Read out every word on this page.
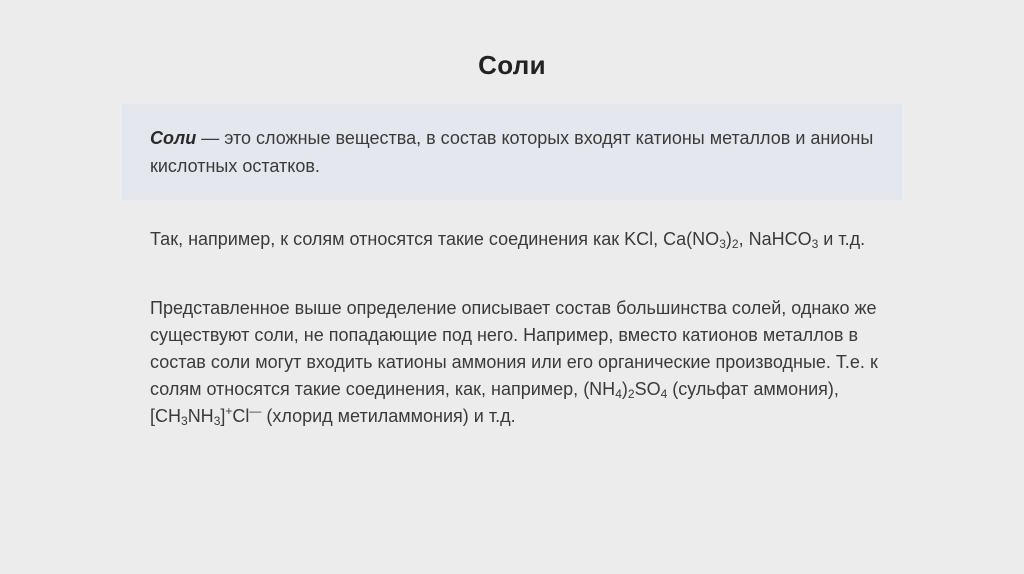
Соли
Соли — это сложные вещества, в состав которых входят катионы металлов и анионы кислотных остатков.
Так, например, к солям относятся такие соединения как KCl, $Ca(NO_3)_2$, NaHCO$_3$ и т.д.
Представленное выше определение описывает состав большинства солей, однако же существуют соли, не попадающие под него. Например, вместо катионов металлов в состав соли могут входить катионы аммония или его органические производные. Т.е. к солям относятся такие соединения, как, например, $(NH_4)_2SO_4$ (сульфат аммония), $[CH_3NH_3]^+Cl^—$ (хлорид метиламмония) и т.д.
